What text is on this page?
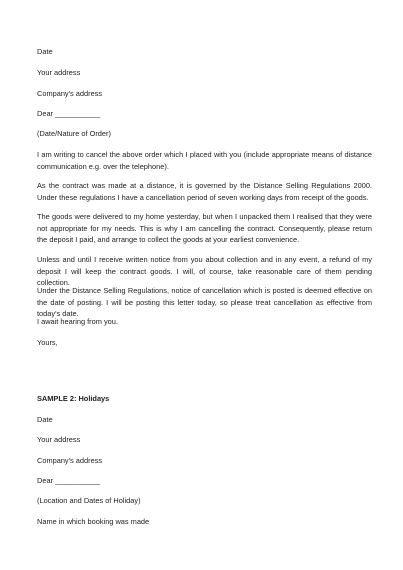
Date
Your address
Company's address
Dear ___________
(Date/Nature of Order)
I am writing to cancel the above order which I placed with you (include appropriate means of distance communication e.g. over the telephone).
As the contract was made at a distance, it is governed by the Distance Selling Regulations 2000. Under these regulations I have a cancellation period of seven working days from receipt of the goods.
The goods were delivered to my home yesterday, but when I unpacked them I realised that they were not appropriate for my needs. This is why I am cancelling the contract. Consequently, please return the deposit I paid, and arrange to collect the goods at your earliest convenience.
Unless and until I receive written notice from you about collection and in any event, a refund of my deposit I will keep the contract goods. I will, of course, take reasonable care of them pending collection.
Under the Distance Selling Regulations, notice of cancellation which is posted is deemed effective on the date of posting. I will be posting this letter today, so please treat cancellation as effective from today's date.
I await hearing from you.
Yours,
SAMPLE 2: Holidays
Date
Your address
Company's address
Dear ___________
(Location and Dates of Holiday)
Name in which booking was made
